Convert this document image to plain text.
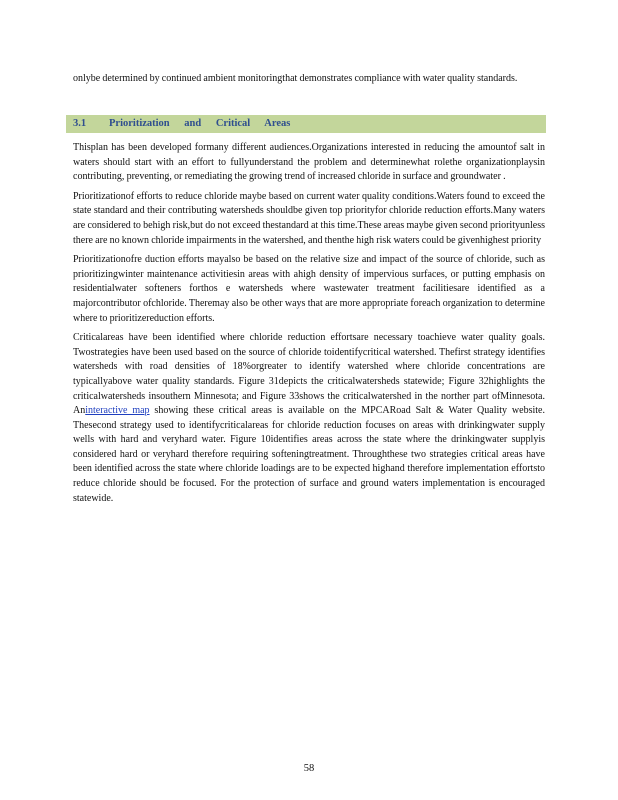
onlybe determined by continued ambient monitoringthat demonstrates compliance with water quality standards.

3.1 Prioritization and Critical Areas

Thisplan has been developed formany different audiences.Organizations interested in reducing the amountof salt in waters should start with an effort to fullyunderstand the problem and determinewhat rolethe organizationplaysin contributing, preventing, or remediating the growing trend of increased chloride in surface and groundwater .

Prioritizationof efforts to reduce chloride maybe based on current water quality conditions.Waters found to exceed the state standard and their contributing watersheds shouldbe given top priorityfor chloride reduction efforts.Many waters are considered to behigh risk,but do not exceed thestandard at this time.These areas maybe given second priorityunless there are no known chloride impairments in the watershed, and thenthe high risk waters could be givenhighest priority

Prioritizationofre duction efforts mayalso be based on the relative size and impact of the source of chloride, such as prioritizingwinter maintenance activitiesin areas with ahigh density of impervious surfaces, or putting emphasis on residentialwater softeners forthos e watersheds where wastewater treatment facilitiesare identified as a majorcontributor ofchloride. Theremay also be other ways that are more appropriate foreach organization to determine where to prioritizereduction efforts.

Criticalareas have been identified where chloride reduction effortsare necessary toachieve water quality goals. Twostrategies have been used based on the source of chloride toidentifycritical watershed. Thefirst strategy identifies watersheds with road densities of 18%orgreater to identify watershed where chloride concentrations are typicallyabove water quality standards. Figure 31depicts the criticalwatersheds statewide; Figure 32highlights the criticalwatersheds insouthern Minnesota; and Figure 33shows the criticalwatershed in the norther part ofMinnesota. Aninteractive map showing these critical areas is available on the MPCARoad Salt & Water Quality website. Thesecond strategy used to identifycriticalareas for chloride reduction focuses on areas with drinkingwater supply wells with hard and veryhard water. Figure 10identifies areas across the state where the drinkingwater supplyis considered hard or veryhard therefore requiring softeningtreatment. Throughthese two strategies critical areas have been identified across the state where chloride loadings are to be expected highand therefore implementation effortsto reduce chloride should be focused. For the protection of surface and ground waters implementation is encouraged statewide.

58
